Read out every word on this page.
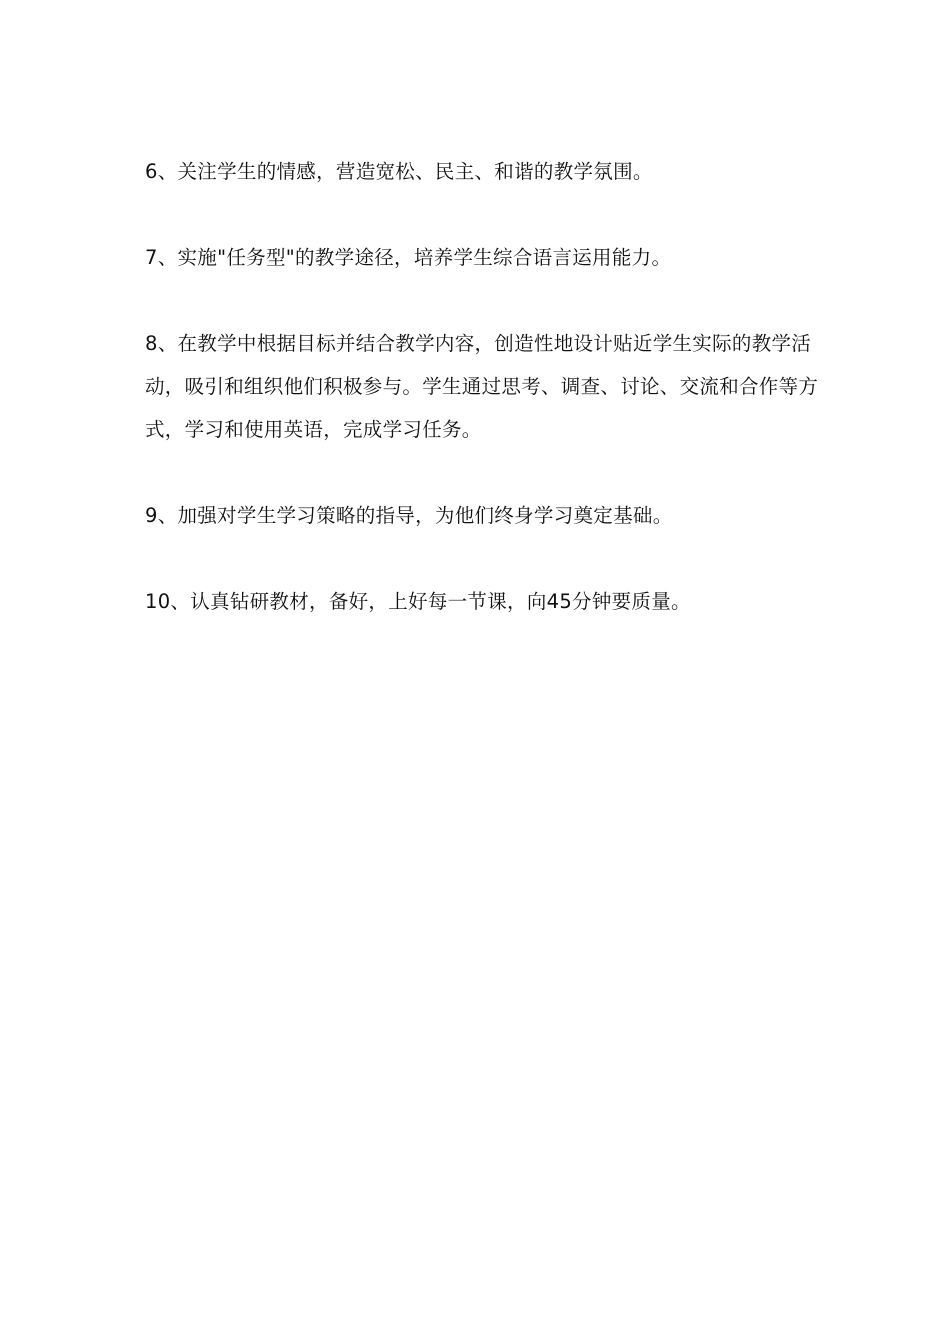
6、关注学生的情感，营造宽松、民主、和谐的教学氛围。

7、实施"任务型"的教学途径，培养学生综合语言运用能力。

8、在教学中根据目标并结合教学内容，创造性地设计贴近学生实际的教学活动，吸引和组织他们积极参与。学生通过思考、调查、讨论、交流和合作等方式，学习和使用英语，完成学习任务。

9、加强对学生学习策略的指导，为他们终身学习奠定基础。

10、认真钻研教材，备好，上好每一节课，向45分钟要质量。
